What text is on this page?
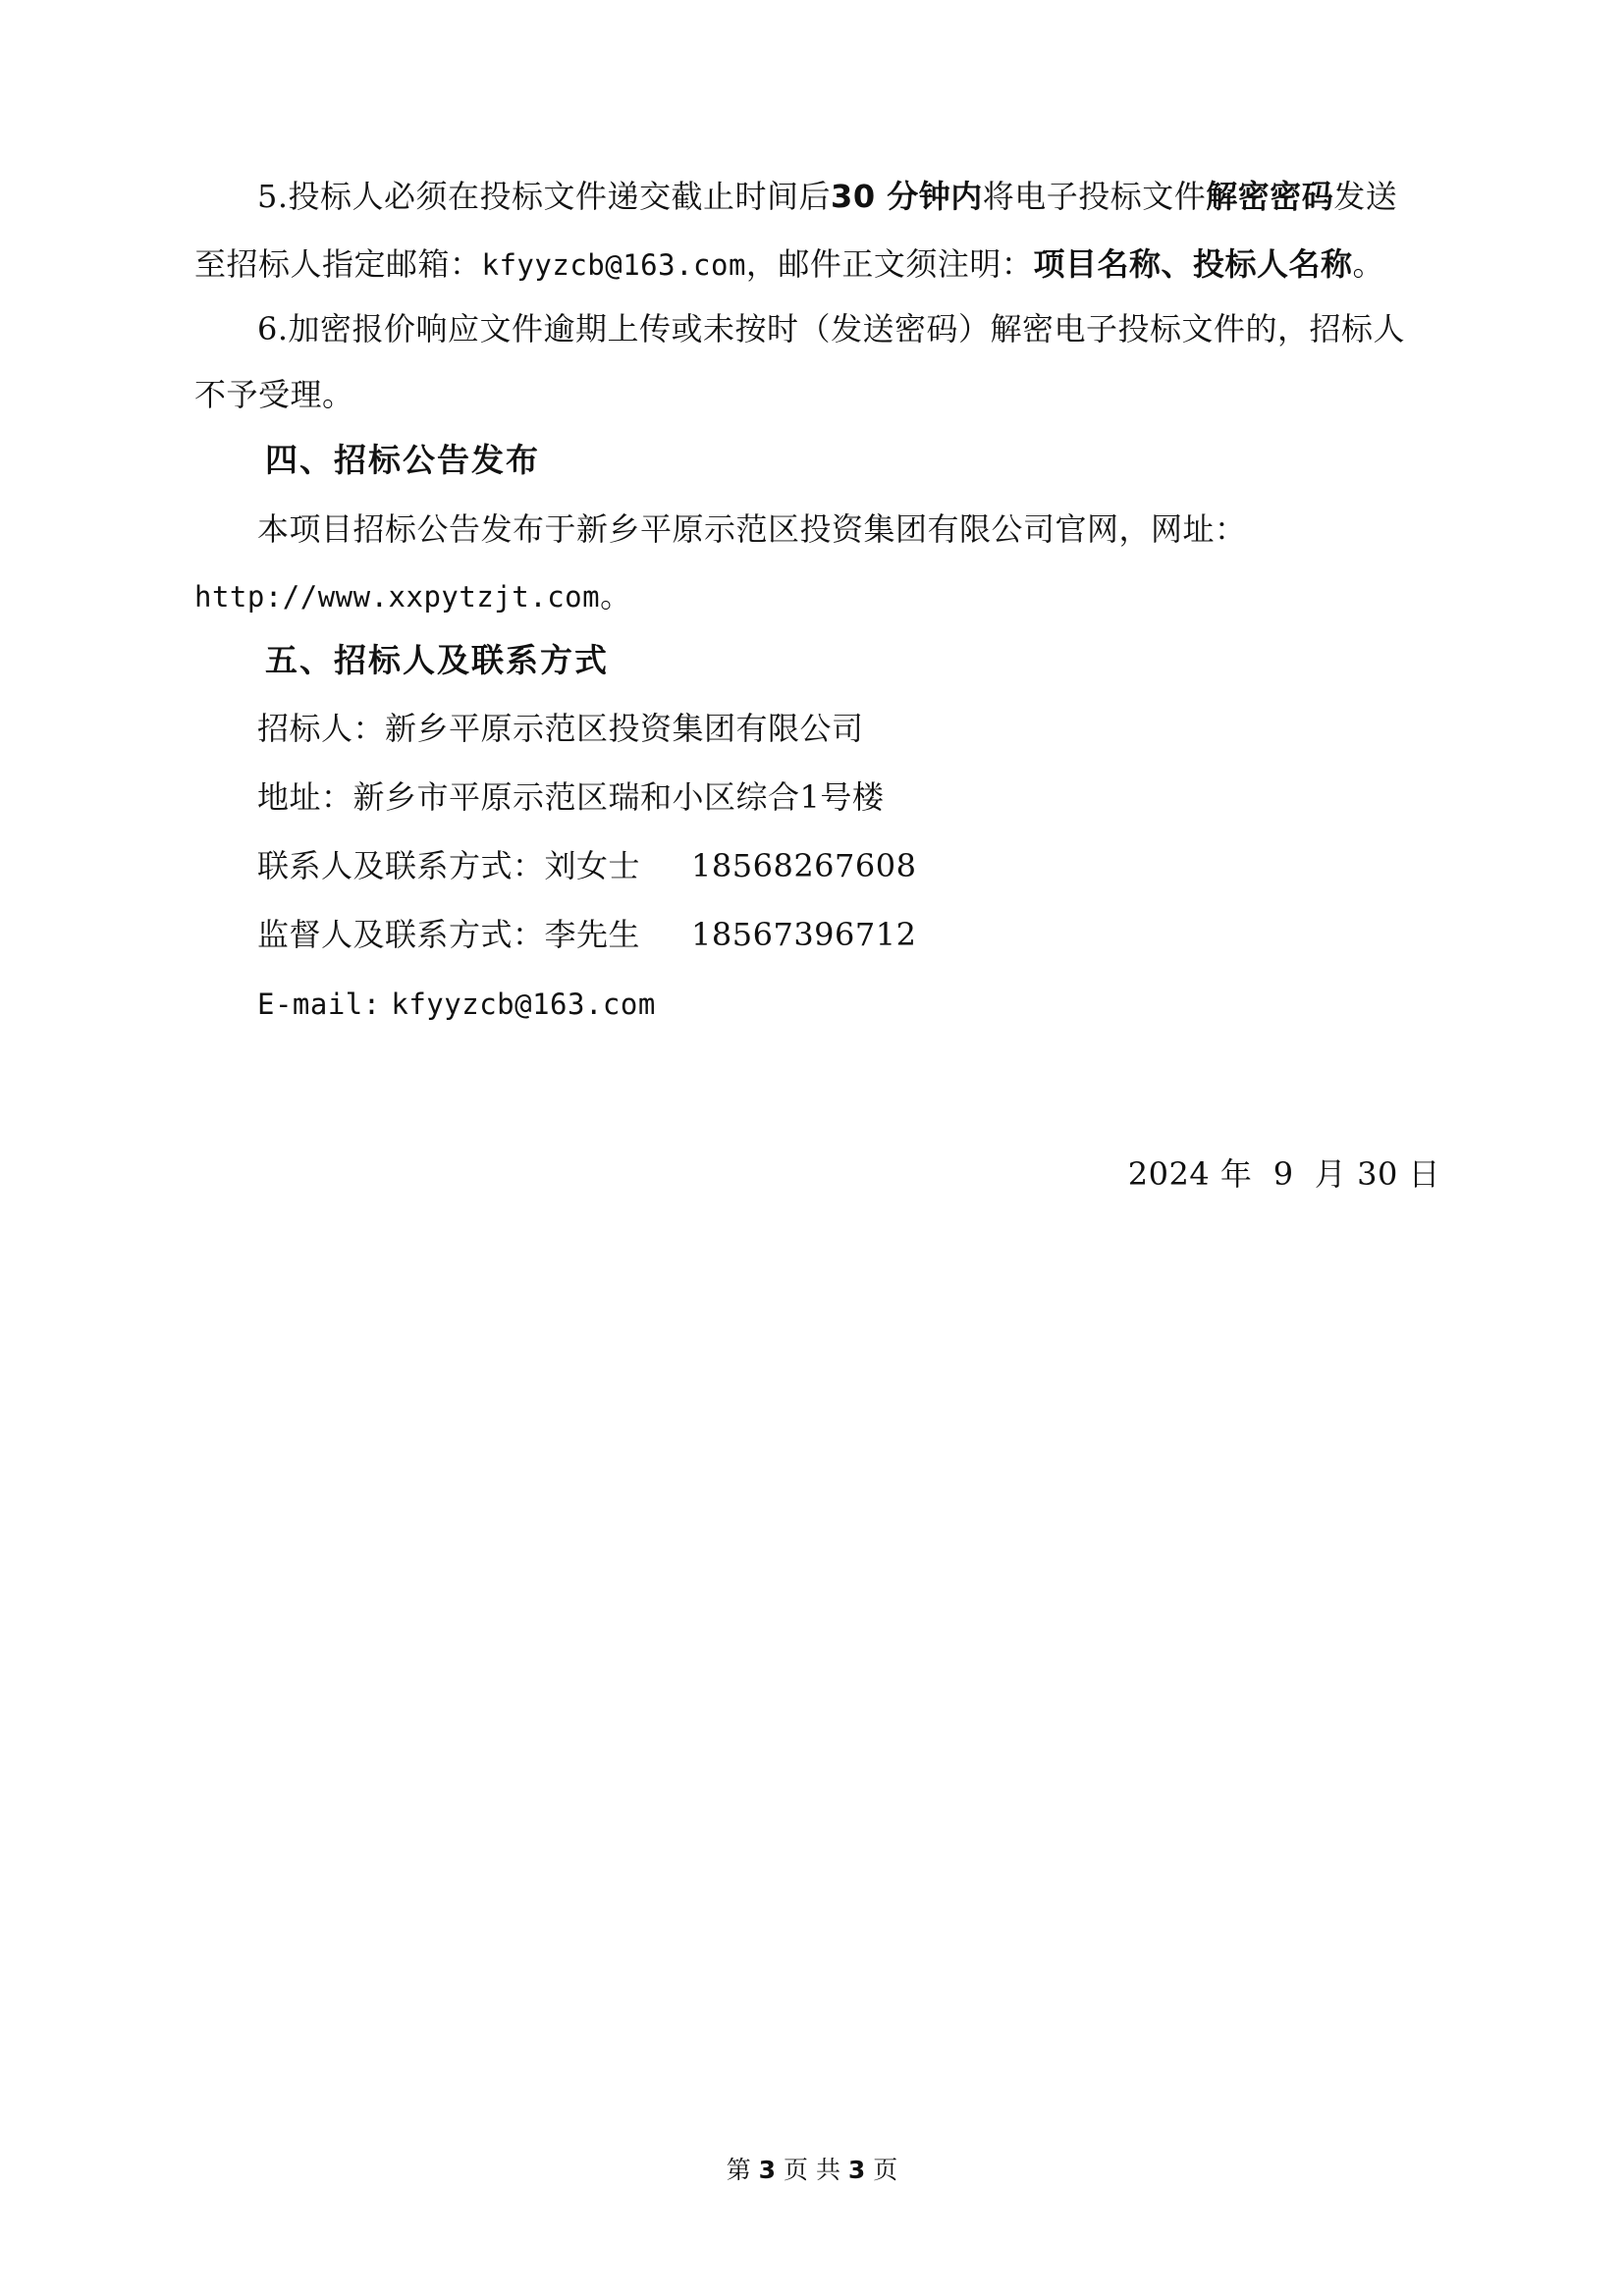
5.投标人必须在投标文件递交截止时间后30 分钟内将电子投标文件解密密码发送
至招标人指定邮箱：kfyyzcb@163.com，邮件正文须注明：项目名称、投标人名称。
6.加密报价响应文件逾期上传或未按时（发送密码）解密电子投标文件的，招标人
不予受理。
四、招标公告发布
本项目招标公告发布于新乡平原示范区投资集团有限公司官网，网址：
http://www.xxpytzjt.com。
五、招标人及联系方式
招标人：新乡平原示范区投资集团有限公司
地址：新乡市平原示范区瑞和小区综合1号楼
联系人及联系方式：刘女士 18568267608
监督人及联系方式：李先生 18567396712
E-mail: kfyyzcb@163.com
2024 年  9  月 30 日
第 3 页 共 3 页
